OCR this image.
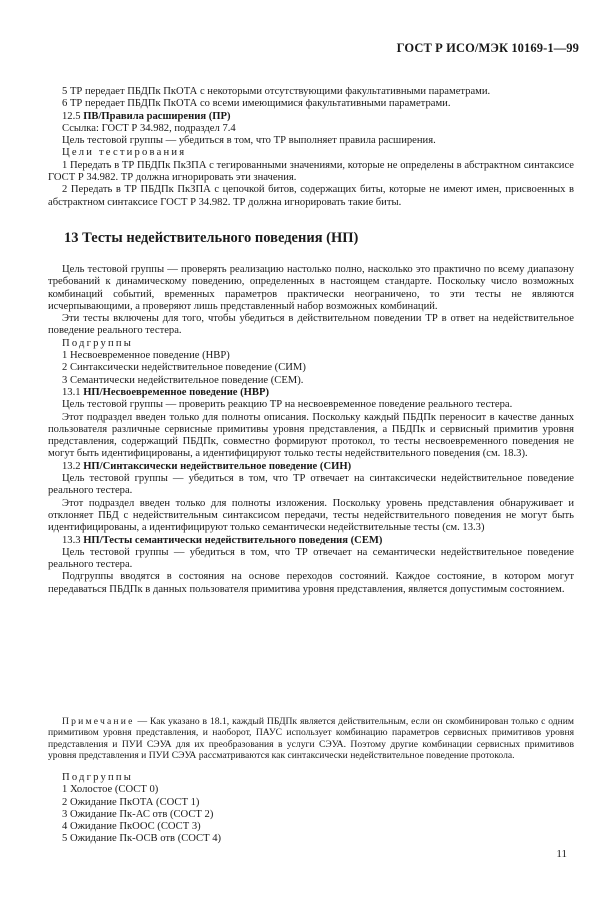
ГОСТ Р ИСО/МЭК 10169-1—99

5 ТР передает ПБДПк ПкОТА с некоторыми отсутствующими факультативными параметрами.

6 ТР передает ПБДПк ПкОТА со всеми имеющимися факультативными параметрами.

12.5 ПВ/Правила расширения (ПР)

Ссылка: ГОСТ Р 34.982, подраздел 7.4

Цель тестовой группы — убедиться в том, что ТР выполняет правила расширения.

Цели тестирования

1 Передать в ТР ПБДПк ПкЗПА с тегированными значениями, которые не определены в абстрактном синтаксисе ГОСТ Р 34.982. ТР должна игнорировать эти значения.

2 Передать в ТР ПБДПк ПкЗПА с цепочкой битов, содержащих биты, которые не имеют имен, присвоенных в абстрактном синтаксисе ГОСТ Р 34.982. ТР должна игнорировать такие биты.

13 Тесты недействительного поведения (НП)

Цель тестовой группы — проверять реализацию настолько полно, насколько это практично по всему диапазону требований к динамическому поведению, определенных в настоящем стандарте. Поскольку число возможных комбинаций событий, временных параметров практически неограничено, то эти тесты не являются исчерпывающими, а проверяют лишь представленный набор возможных комбинаций.

Эти тесты включены для того, чтобы убедиться в действительном поведении ТР в ответ на недействительное поведение реального тестера.

Подгруппы

1 Несвоевременное поведение (НВР)

2 Синтаксически недействительное поведение (СИМ)

3 Семантически недействительное поведение (СЕМ).

13.1 НП/Несвоевременное поведение (НВР)

Цель тестовой группы — проверить реакцию ТР на несвоевременное поведение реального тестера.

Этот подраздел введен только для полноты описания. Поскольку каждый ПБДПк переносит в качестве данных пользователя различные сервисные примитивы уровня представления, а ПБДПк и сервисный примитив уровня представления, содержащий ПБДПк, совместно формируют протокол, то тесты несвоевременного поведения не могут быть идентифицированы, а идентифицируют только тесты недействительного поведения (см. 18.3).

13.2 НП/Синтаксически недействительное поведение (СИН)

Цель тестовой группы — убедиться в том, что ТР отвечает на синтаксически недействительное поведение реального тестера.

Этот подраздел введен только для полноты изложения. Поскольку уровень представления обнаруживает и отклоняет ПБД с недействительным синтаксисом передачи, тесты недействительного поведения не могут быть идентифицированы, а идентифицируют только семантически недействительные тесты (см. 13.3)

13.3 НП/Тесты семантически недействительного поведения (СЕМ)

Цель тестовой группы — убедиться в том, что ТР отвечает на семантически недействительное поведение реального тестера.

Подгруппы вводятся в состояния на основе переходов состояний. Каждое состояние, в котором могут передаваться ПБДПк в данных пользователя примитива уровня представления, является допустимым состоянием.

Примечание — Как указано в 18.1, каждый ПБДПк является действительным, если он скомбинирован только с одним примитивом уровня представления, и наоборот, ПАУС использует комбинацию параметров сервисных примитивов уровня представления и ПУИ СЭУА для их преобразования в услуги СЭУА. Поэтому другие комбинации сервисных примитивов уровня представления и ПУИ СЭУА рассматриваются как синтаксически недействительное поведение протокола.

Подгруппы

1 Холостое (СОСТ 0)

2 Ожидание ПкОТА (СОСТ 1)

3 Ожидание Пк-АС отв (СОСТ 2)

4 Ожидание ПкООС (СОСТ 3)

5 Ожидание Пк-ОСВ отв (СОСТ 4)

11
